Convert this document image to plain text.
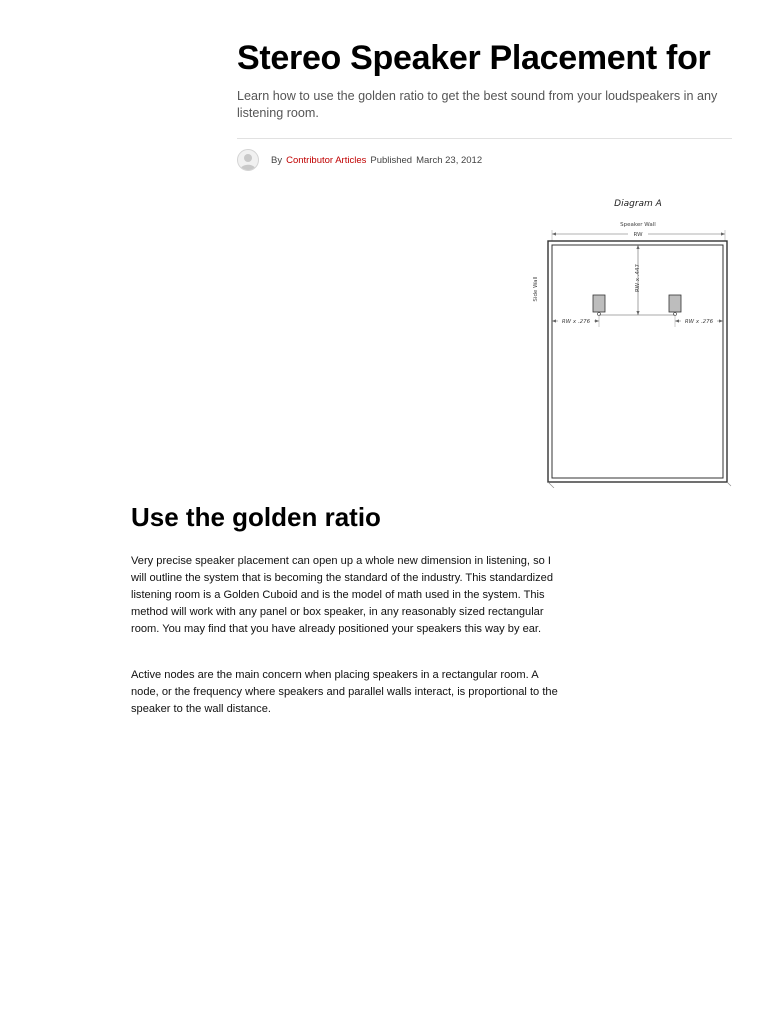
Stereo Speaker Placement for

Learn how to use the golden ratio to get the best sound from your loudspeakers in any listening room.

By Contributor Articles Published March 23, 2012
Diagram A
Speaker Wall
RW
Side Wall	RW x .447
RW x .276	RW x .276
Use the golden ratio

Very precise speaker placement can open up a whole new dimension in listening, so I will outline the system that is becoming the standard of the industry. This standardized listening room is a Golden Cuboid and is the model of math used in the system. This method will work with any panel or box speaker, in any reasonably sized rectangular room. You may find that you have already positioned your speakers this way by ear.

Active nodes are the main concern when placing speakers in a rectangular room. A node, or the frequency where speakers and parallel walls interact, is proportional to the speaker to the wall distance.
